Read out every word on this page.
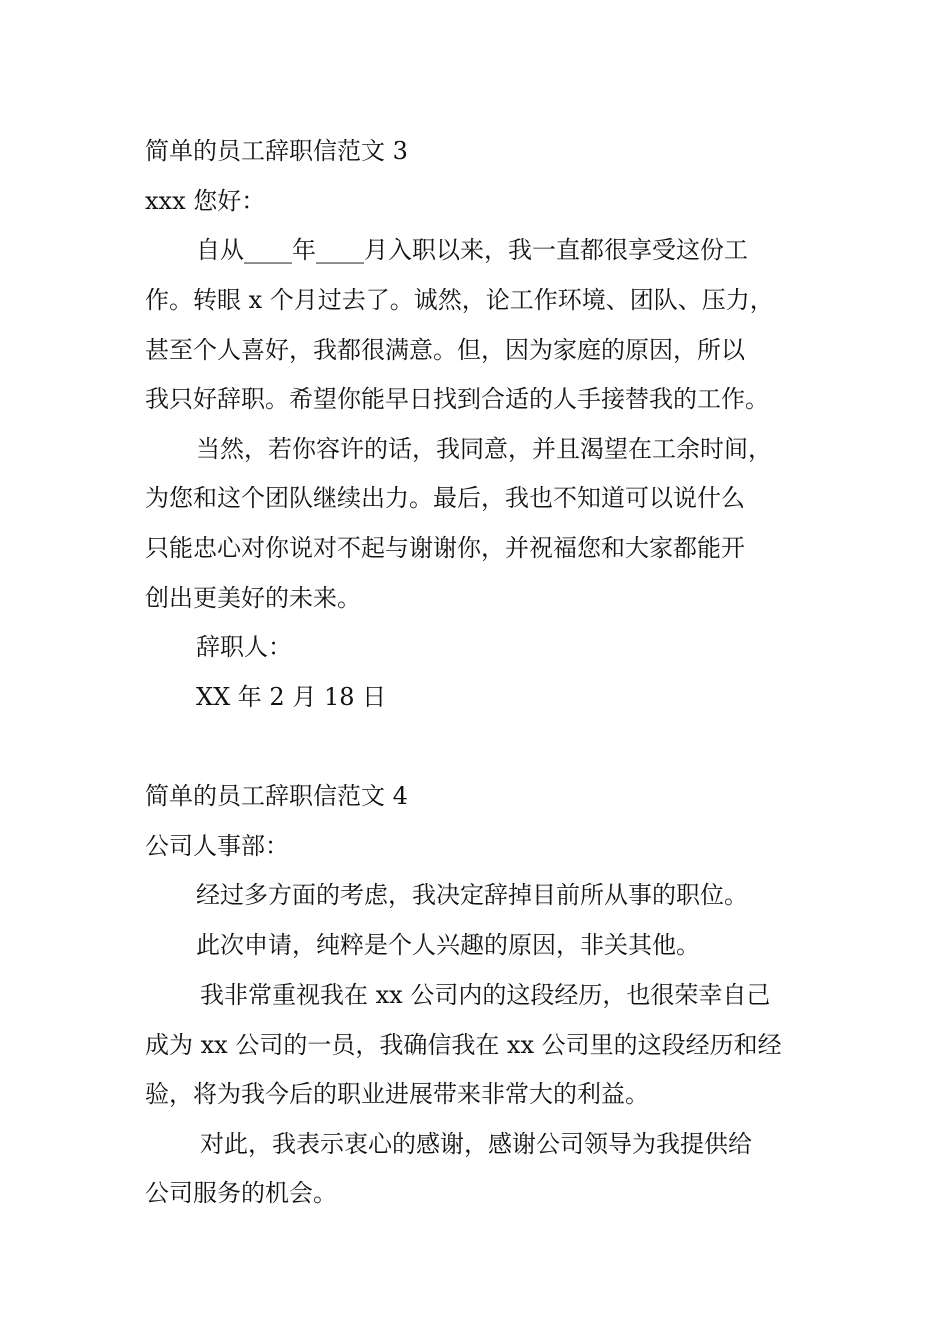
简单的员工辞职信范文 3
xxx 您好：
自从____年____月入职以来，我一直都很享受这份工
作。转眼 x 个月过去了。诚然，论工作环境、团队、压力，
甚至个人喜好，我都很满意。但，因为家庭的原因，所以
我只好辞职。希望你能早日找到合适的人手接替我的工作。
当然，若你容许的话，我同意，并且渴望在工余时间，
为您和这个团队继续出力。最后，我也不知道可以说什么
只能忠心对你说对不起与谢谢你，并祝福您和大家都能开
创出更美好的未来。
辞职人：
XX 年 2 月 18 日
简单的员工辞职信范文 4
公司人事部：
经过多方面的考虑，我决定辞掉目前所从事的职位。
此次申请，纯粹是个人兴趣的原因，非关其他。
我非常重视我在 xx 公司内的这段经历，也很荣幸自己
成为 xx 公司的一员，我确信我在 xx 公司里的这段经历和经
验，将为我今后的职业进展带来非常大的利益。
对此，我表示衷心的感谢，感谢公司领导为我提供给
公司服务的机会。
